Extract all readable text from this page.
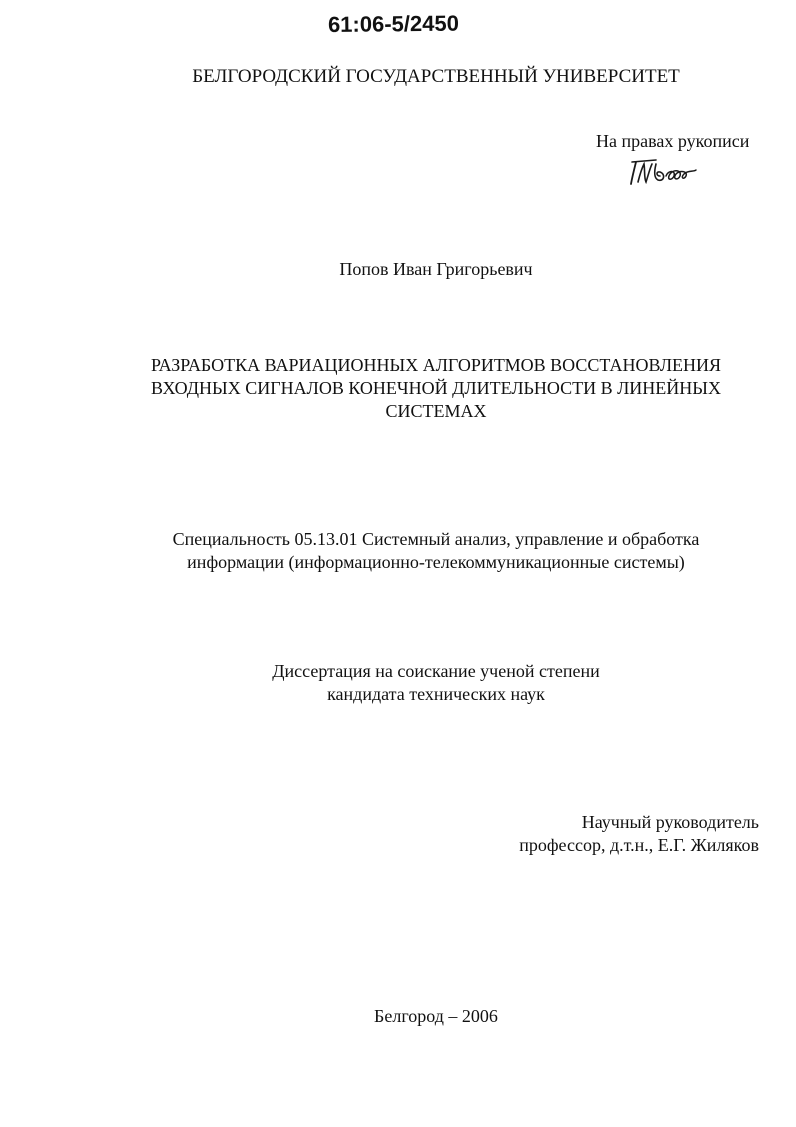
61:06-5/2450
БЕЛГОРОДСКИЙ ГОСУДАРСТВЕННЫЙ УНИВЕРСИТЕТ
На правах рукописи
Попов Иван Григорьевич
РАЗРАБОТКА ВАРИАЦИОННЫХ АЛГОРИТМОВ ВОССТАНОВЛЕНИЯ
ВХОДНЫХ СИГНАЛОВ КОНЕЧНОЙ ДЛИТЕЛЬНОСТИ В ЛИНЕЙНЫХ
СИСТЕМАХ
Специальность 05.13.01 Системный анализ, управление и обработка
информации (информационно-телекоммуникационные системы)
Диссертация на соискание ученой степени
кандидата технических наук
Научный руководитель
профессор, д.т.н., Е.Г. Жиляков
Белгород – 2006
